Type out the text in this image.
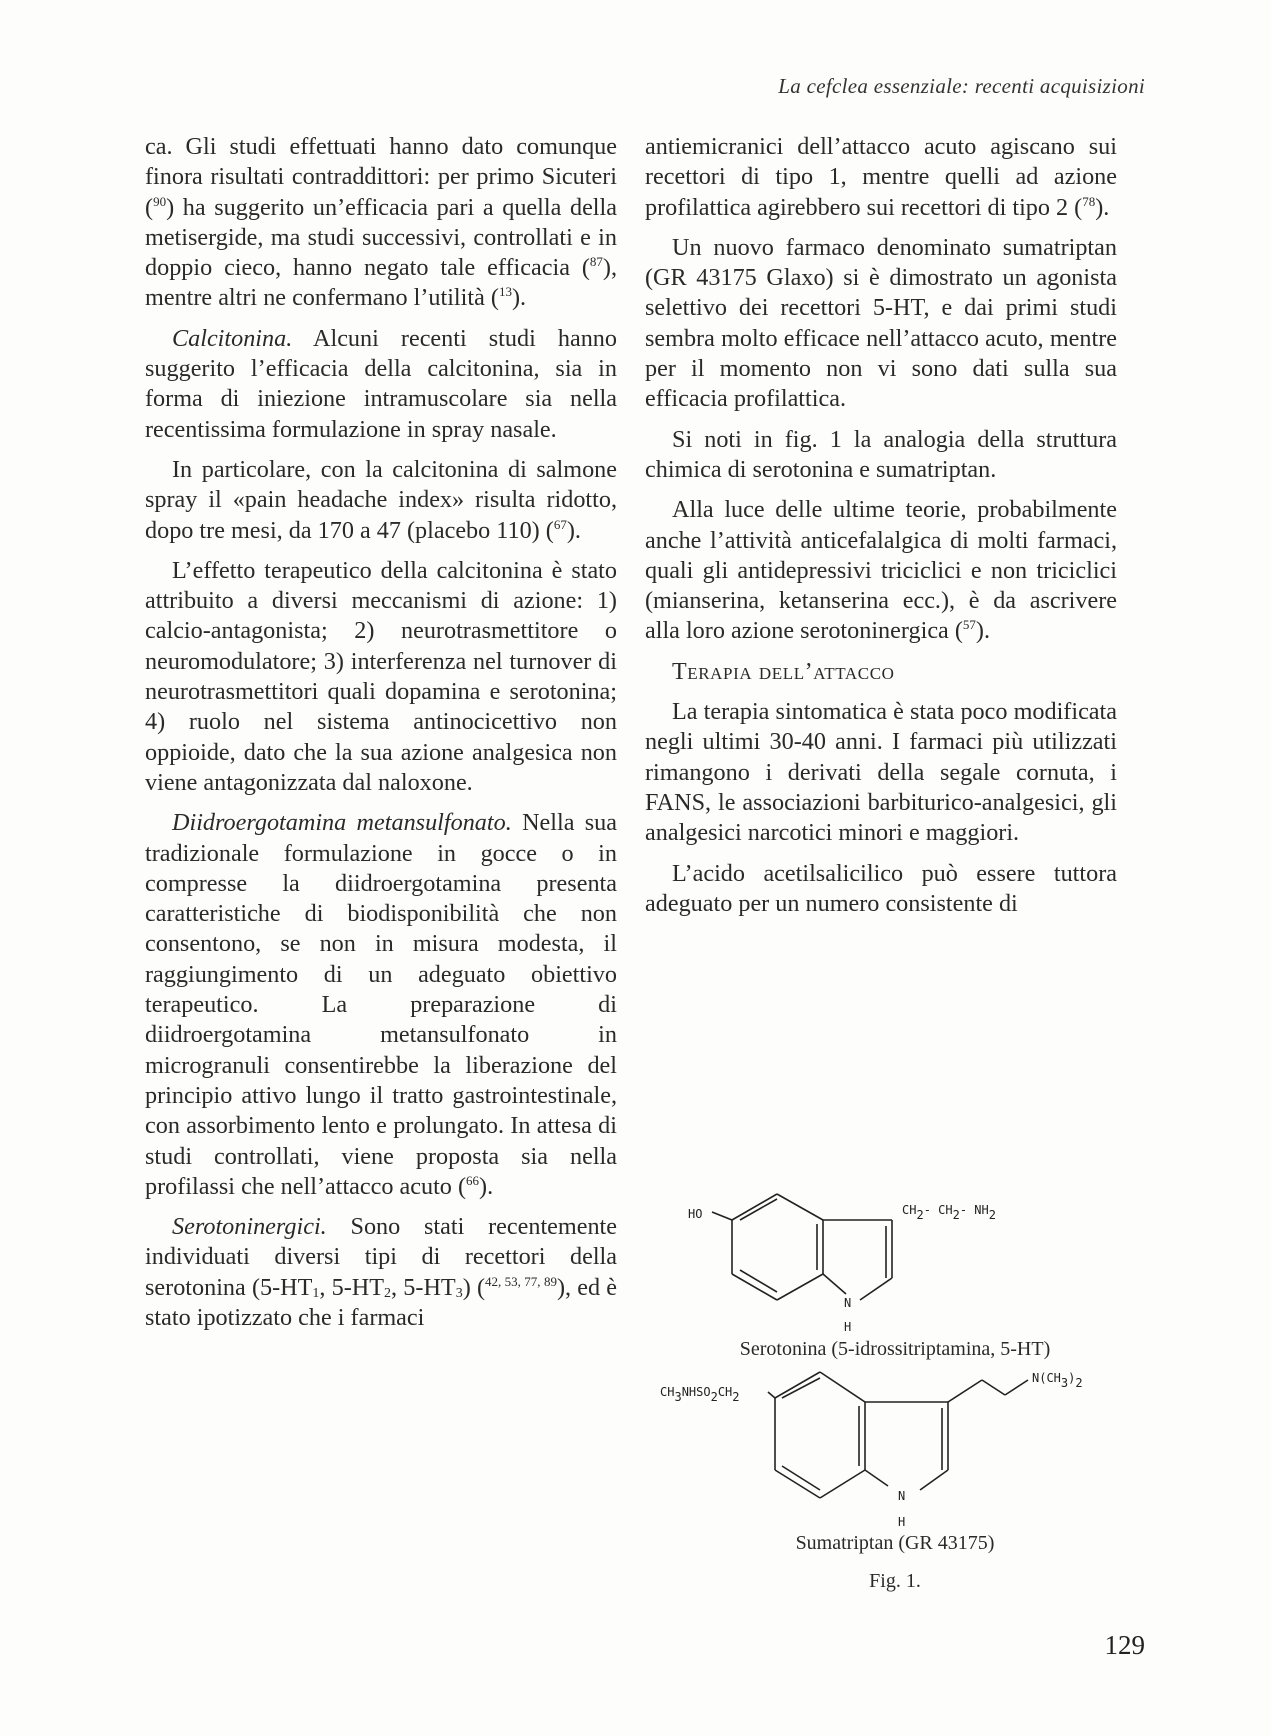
La cefclea essenziale: recenti acquisizioni

ca. Gli studi effettuati hanno dato comunque finora risultati contraddittori: per primo Sicuteri ($^{90}$) ha suggerito un’efficacia pari a quella della metisergide, ma studi successivi, controllati e in doppio cieco, hanno negato tale efficacia ($^{87}$), mentre altri ne confermano l’utilità ($^{13}$).

Calcitonina. Alcuni recenti studi hanno suggerito l’efficacia della calcitonina, sia in forma di iniezione intramuscolare sia nella recentissima formulazione in spray nasale.

In particolare, con la calcitonina di salmone spray il «pain headache index» risulta ridotto, dopo tre mesi, da 170 a 47 (placebo 110) ($^{67}$).

L’effetto terapeutico della calcitonina è stato attribuito a diversi meccanismi di azione: 1) calcio-antagonista; 2) neurotrasmettitore o neuromodulatore; 3) interferenza nel turnover di neurotrasmettitori quali dopamina e serotonina; 4) ruolo nel sistema antinocicettivo non oppioide, dato che la sua azione analgesica non viene antagonizzata dal naloxone.

Diidroergotamina metansulfonato. Nella sua tradizionale formulazione in gocce o in compresse la diidroergotamina presenta caratteristiche di biodisponibilità che non consentono, se non in misura modesta, il raggiungimento di un adeguato obiettivo terapeutico. La preparazione di diidroergotamina metansulfonato in microgranuli consentirebbe la liberazione del principio attivo lungo il tratto gastrointestinale, con assorbimento lento e prolungato. In attesa di studi controllati, viene proposta sia nella profilassi che nell’attacco acuto ($^{66}$).

Serotoninergici. Sono stati recentemente individuati diversi tipi di recettori della serotonina ($5-HT_1$, $5-HT_2$, $5-HT_3$) ($^{42, 53, 77, 89}$), ed è stato ipotizzato che i farmaci

antiemicranici dell’attacco acuto agiscano sui recettori di tipo 1, mentre quelli ad azione profilattica agirebbero sui recettori di tipo 2 ($^{78}$).

Un nuovo farmaco denominato sumatriptan (GR 43175 Glaxo) si è dimostrato un agonista selettivo dei recettori 5-HT, e dai primi studi sembra molto efficace nell’attacco acuto, mentre per il momento non vi sono dati sulla sua efficacia profilattica.

Si noti in fig. 1 la analogia della struttura chimica di serotonina e sumatriptan.

Alla luce delle ultime teorie, probabilmente anche l’attività anticefalalgica di molti farmaci, quali gli antidepressivi triciclici e non triciclici (mianserina, ketanserina ecc.), è da ascrivere alla loro azione serotoninergica ($^{57}$).

Terapia dell’attacco

La terapia sintomatica è stata poco modificata negli ultimi 30-40 anni. I farmaci più utilizzati rimangono i derivati della segale cornuta, i FANS, le associazioni barbiturico-analgesici, gli analgesici narcotici minori e maggiori.

L’acido acetilsalicilico può essere tuttora adeguato per un numero consistente di

HO	CH2- CH2- NH2
N
H
CH3NHSO2CH2
N(CH3)2
N
H
Serotonina (5-idrossitriptamina, 5-HT)
Sumatriptan (GR 43175)
Fig. 1.
129
